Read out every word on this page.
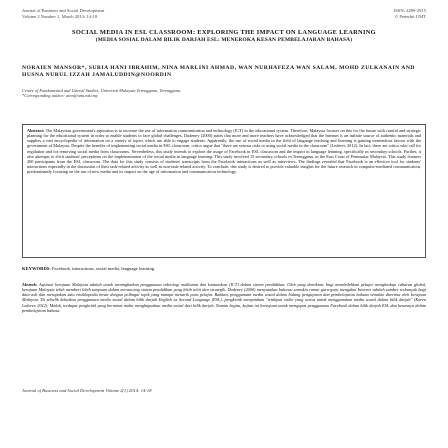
Journal of Business and Social Development
Volume 2 Number 1, March 2014: 14-18
ISSN: 2289-2915
© Penerbit UMT
SOCIAL MEDIA IN ESL CLASSROOM: EXPLORING THE IMPACT ON LANGUAGE LEARNING
(MEDIA SOSIAL DALAM BILIK DARJAH ESL: MENEROKA KESAN PEMBELAJARAN BAHASA)
NORAIEN MANSOR*, SURIA HANI IBRAHIM, NINA MARLINI AHMAD, WAN NURHAFEZA WAN SALAM, MOHD ZULKANAIN AND HUSNA NURUL IZZAH JAMALUDDIN@NOORDIN
Centre of Fundamental and Liberal Studies, Universiti Malaysia Terengganu, Terengganu.
*Corresponding author: aien@umt.edu.my
Abstract: The Malaysian government's aspiration is to increase the use of information communication and technology (ICT) in the educational system. Therefore, Malaysia focuses on this for the future with careful and strategic planning for the educational system in order to enable students to face global challenges. Dudeney (2000) states that more and more teachers have acknowledged that the Internet is an infinite source of authentic materials and supplies a vast encyclopedia of information on a variety of topics which are able to engage students. Apparently, the use of social media in the field of language teaching and learning is gaining tremendous favour with the government of Malaysia. Despite the benefits of implementing social media in ESL classroom, critics argue that "there are serious risks to using social media in the classroom" (Lederer, 2012). In fact, there are critics who call for regulation and for removing social media from classrooms. Nevertheless, this study intends to explore the usage of Facebook in ESL classroom and the impact in language learning, specifically in secondary schools. Further, it also attempts to elicit students' perceptions on the implementation of the social media in language learning. This study involved 15 secondary schools in Terengganu, in the East Coast of Peninsular Malaysia. This study features 260 participants from the ESL classroom. The data for this study consists of students' transcripts from the Facebook interactions as well as interviews. The findings revealed that Facebook is an effective tool for students' interactions especially in the discussion of their task-related activity as well as non-task-related activity. To conclude, this study is desired to provide valuable insights for the future research in computer-mediated communication, predominantly focusing on the use of new media and its impact on the age of information and communication technology.
KEYWORDS: Facebook, interactions, social media, language learning.
Abstrak: Aspirasi kerajaan Malaysia adalah untuk meningkatkan penggunaan teknologi maklumat dan komunikasi (ICT) dalam sistem pendidikan. Oleh yang demikian, bagi membolehkan pelajar menghadapi cabaran global, kerajaan Malaysia telah memberi lebih tumpuan dalam merancang sistem pendidikan yang lebih teliti dan strategik. Dudeney (2000) menyatakan bahawa semakin ramai guru-guru mengakui Internet adalah sumber terbanyak bagi data asli dan merupakan satu ensiklopedia besar dengan pelbagai topik yang mampu menarik para pelajar. Bahkan, penggunaan media sosial dalam bidang pengajaran dan pembelajaran bahasa semakin diterima oleh kerajaan Malaysia. Di sebalik kebaikan penggunaan media sosial dalam bilik darjah English as Second Language (ESL), pengkritik menyatakan "terdapat risiko yang serius untuk menggunakan media sosial dalam bilik darjah" (Karen Lederer, 2012). Malah, terdapat pengkritik yang berminat mahu menghapuskan media sosial dari bilik darjah. Namun begitu, kajian ini bertujuan untuk mengupas penggunaan Facebook dalam bilik darjah ESL dan kesannya dalam pembelajaran bahasa.
Journal of Business and Social Development Volume 2(1) 2014: 14-18
